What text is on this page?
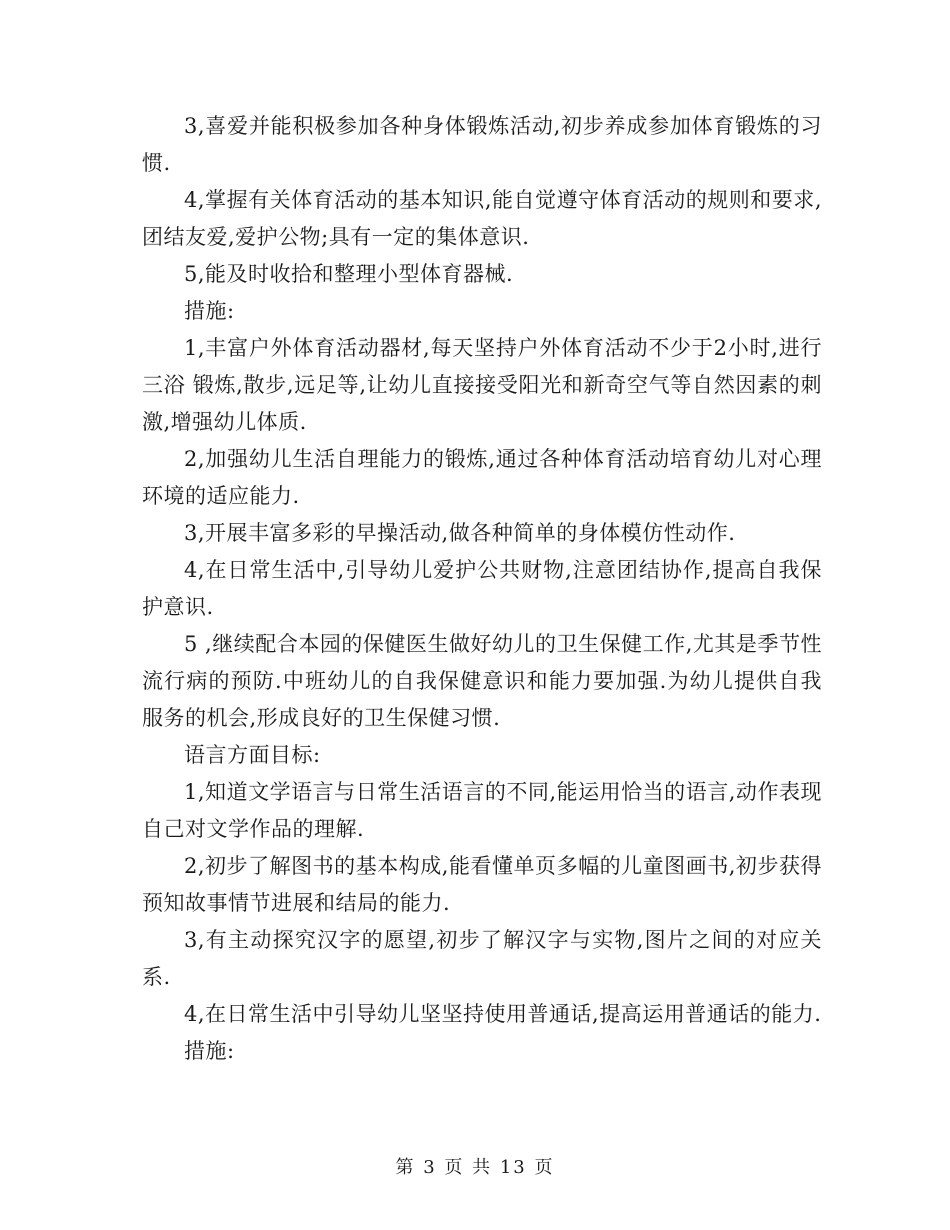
3,喜爱并能积极参加各种身体锻炼活动,初步养成参加体育锻炼的习惯.

4,掌握有关体育活动的基本知识,能自觉遵守体育活动的规则和要求,团结友爱,爱护公物;具有一定的集体意识.

5,能及时收拾和整理小型体育器械.

措施:

1,丰富户外体育活动器材,每天坚持户外体育活动不少于2小时,进行 三浴 锻炼,散步,远足等,让幼儿直接接受阳光和新奇空气等自然因素的刺激,增强幼儿体质.

2,加强幼儿生活自理能力的锻炼,通过各种体育活动培育幼儿对心理环境的适应能力.

3,开展丰富多彩的早操活动,做各种简单的身体模仿性动作.

4,在日常生活中,引导幼儿爱护公共财物,注意团结协作,提高自我保护意识.

5 ,继续配合本园的保健医生做好幼儿的卫生保健工作,尤其是季节性流行病的预防.中班幼儿的自我保健意识和能力要加强.为幼儿提供自我服务的机会,形成良好的卫生保健习惯.

语言方面目标:

1,知道文学语言与日常生活语言的不同,能运用恰当的语言,动作表现自己对文学作品的理解.

2,初步了解图书的基本构成,能看懂单页多幅的儿童图画书,初步获得预知故事情节进展和结局的能力.

3,有主动探究汉字的愿望,初步了解汉字与实物,图片之间的对应关系.

4,在日常生活中引导幼儿坚坚持使用普通话,提高运用普通话的能力.

措施:

第 3 页 共 13 页
